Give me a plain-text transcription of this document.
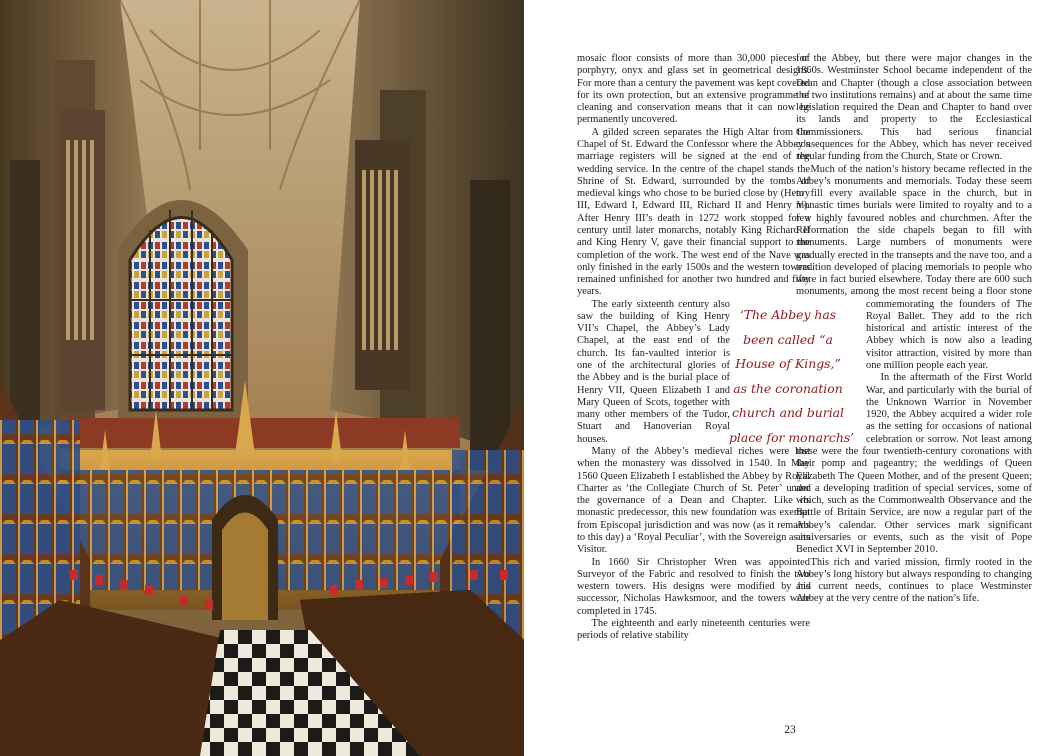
mosaic floor consists of more than 30,000 pieces of porphyry, onyx and glass set in geometrical designs. For more than a century the pavement was kept covered for its own protection, but an extensive programme of cleaning and conservation means that it can now be permanently uncovered.

A gilded screen separates the High Altar from the Chapel of St. Edward the Confessor where the Abbey’s marriage registers will be signed at the end of the wedding service. In the centre of the chapel stands the Shrine of St. Edward, surrounded by the tombs of medieval kings who chose to be buried close by (Henry III, Edward I, Edward III, Richard II and Henry V). After Henry III’s death in 1272 work stopped for a century until later monarchs, notably King Richard II and King Henry V, gave their financial support to the completion of the work. The west end of the Nave was only finished in the early 1500s and the western towers remained unfinished for another two hundred and fifty years.

The early sixteenth century also saw the building of King Henry VII’s Chapel, the Abbey’s Lady Chapel, at the east end of the church. Its fan-vaulted interior is one of the architectural glories of the Abbey and is the burial place of Henry VII, Queen Elizabeth I and Mary Queen of Scots, together with many other members of the Tudor, Stuart and Hanoverian Royal houses.

Many of the Abbey’s medieval riches were lost when the monastery was dissolved in 1540. In May 1560 Queen Elizabeth I established the Abbey by Royal Charter as ‘the Collegiate Church of St. Peter’ under the governance of a Dean and Chapter. Like its monastic predecessor, this new foundation was exempt from Episcopal jurisdiction and was now (as it remains to this day) a ‘Royal Peculiar’, with the Sovereign as its Visitor.

In 1660 Sir Christopher Wren was appointed Surveyor of the Fabric and resolved to finish the two western towers. His designs were modified by his successor, Nicholas Hawksmoor, and the towers were completed in 1745.

The eighteenth and early nineteenth centuries were periods of relative stability

for the Abbey, but there were major changes in the 1860s. Westminster School became independent of the Dean and Chapter (though a close association between the two institutions remains) and at about the same time legislation required the Dean and Chapter to hand over its lands and property to the Ecclesiastical Commissioners. This had serious financial consequences for the Abbey, which has never received regular funding from the Church, State or Crown.

Much of the nation’s history became reflected in the Abbey’s monuments and memorials. Today these seem to fill every available space in the church, but in monastic times burials were limited to royalty and to a few highly favoured nobles and churchmen. After the Reformation the side chapels began to fill with monuments. Large numbers of monuments were gradually erected in the transepts and the nave too, and a tradition developed of placing memorials to people who were in fact buried elsewhere. Today there are 600 such monuments, among the most recent being a floor stone commemorating the founders of The Royal Ballet. They add to the rich historical and artistic interest of the Abbey which is now also a leading visitor attraction, visited by more than one million people each year.

In the aftermath of the First World War, and particularly with the burial of the Unknown Warrior in November 1920, the Abbey acquired a wider role as the setting for occasions of national celebration or sorrow. Not least among these were the four twentieth-century coronations with their pomp and pageantry; the weddings of Queen Elizabeth The Queen Mother, and of the present Queen; and a developing tradition of special services, some of which, such as the Commonwealth Observance and the Battle of Britain Service, are now a regular part of the Abbey’s calendar. Other services mark significant anniversaries or events, such as the visit of Pope Benedict XVI in September 2010.

This rich and varied mission, firmly rooted in the Abbey’s long history but always responding to changing and current needs, continues to place Westminster Abbey at the very centre of the nation’s life.

‘The Abbey has
been called “a
House of Kings,”
as the coronation
church and burial
place for monarchs’
23
